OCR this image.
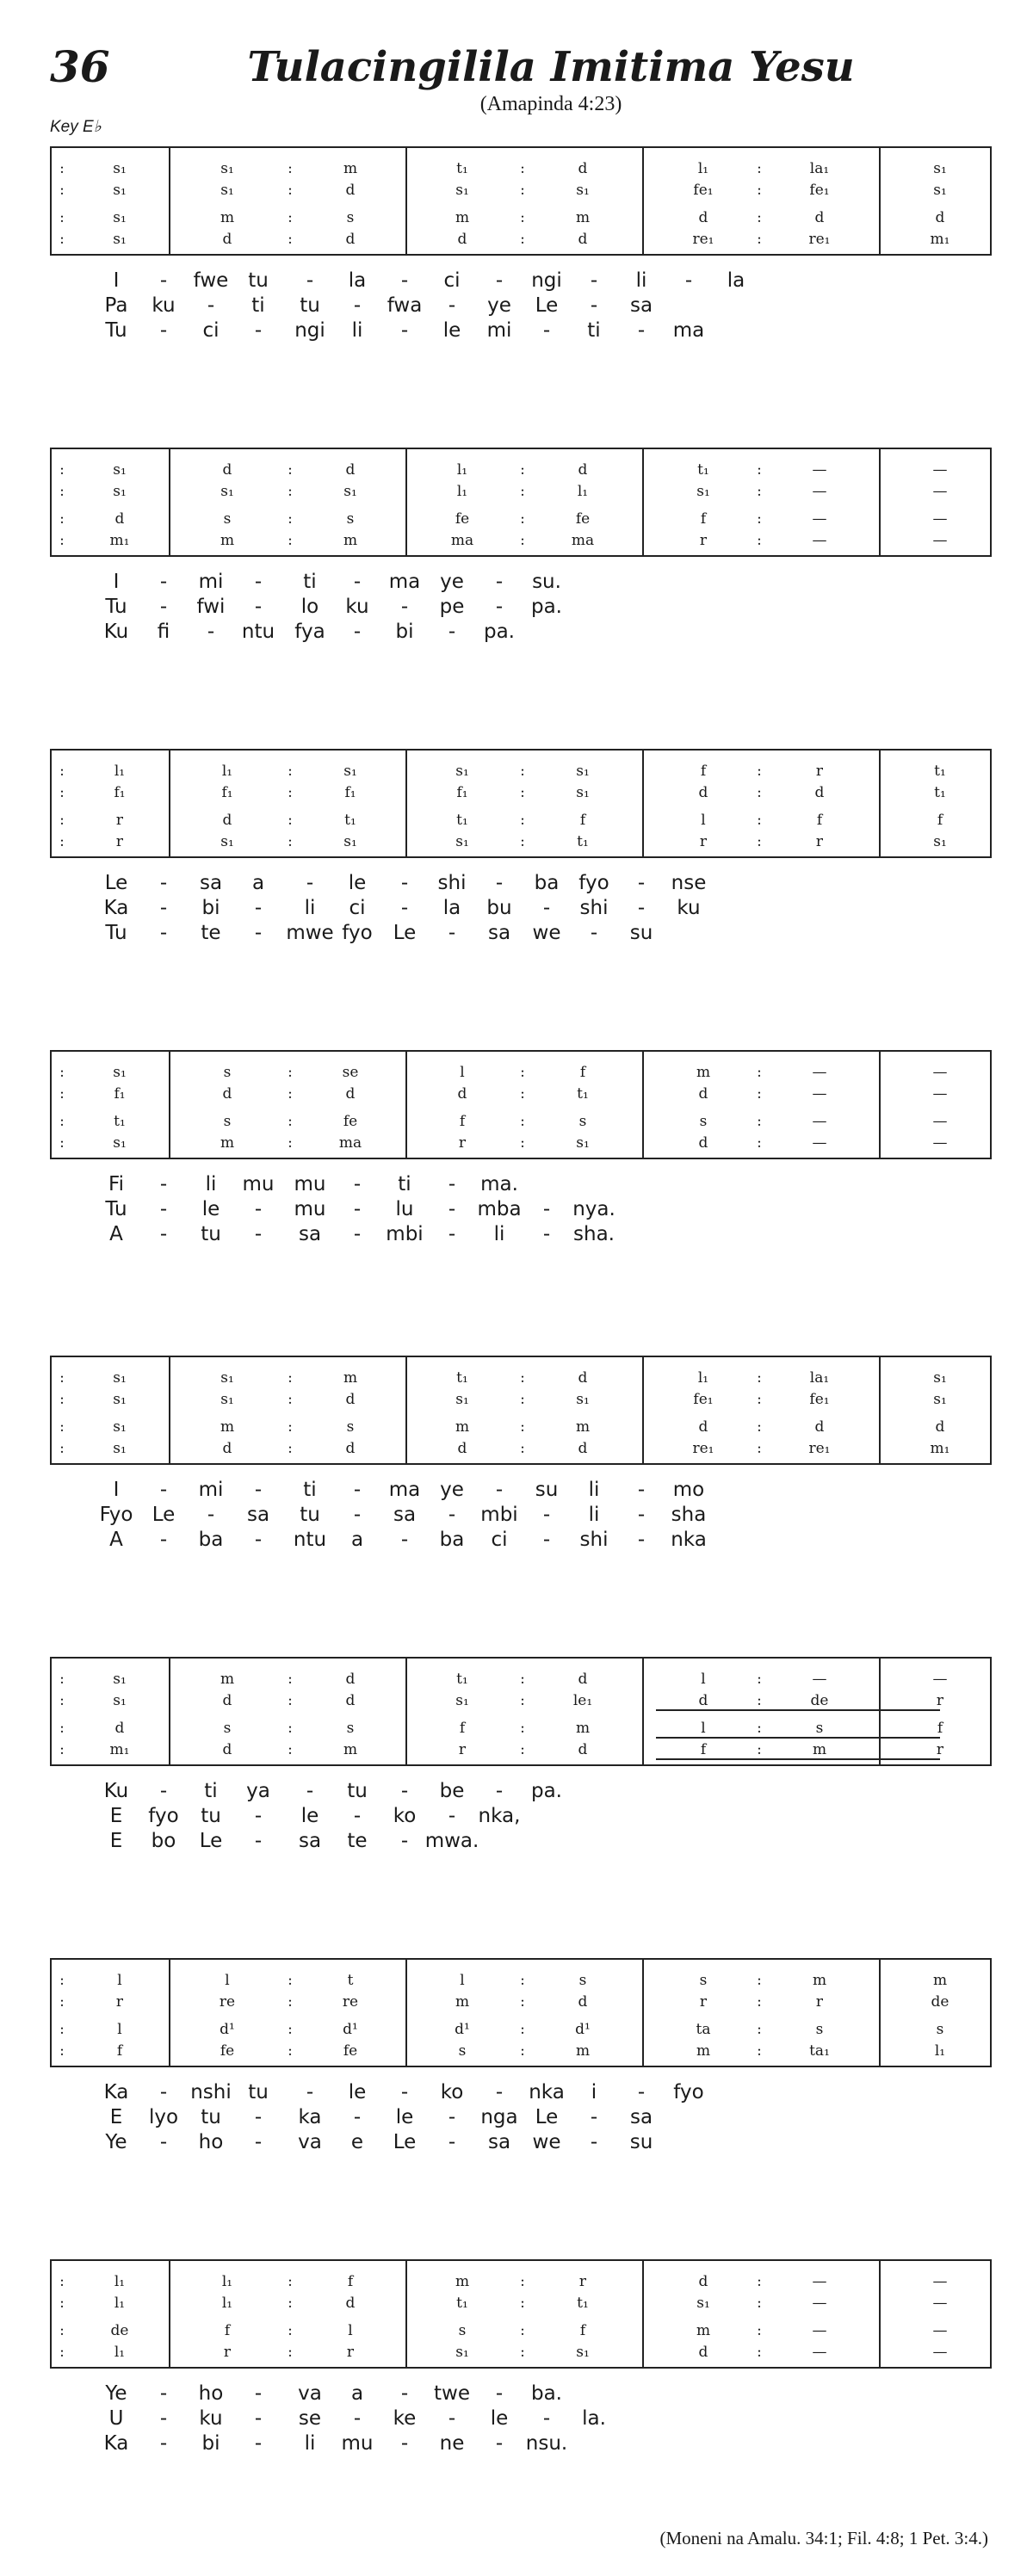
36	Tulacingilila Imitima Yesu
(Amapinda 4:23)
Key E♭
:	s₁	s₁	:	m	t₁	:	d	l₁	:	la₁	s₁
:	s₁	s₁	:	d	s₁	:	s₁	fe₁	:	fe₁	s₁
:	s₁	m	:	s	m	:	m	d	:	d	d
:	s₁	d	:	d	d	:	d	re₁	:	re₁	m₁
I - fwe tu - la - ci - ngi - li - la
Pa ku - ti tu - fwa - ye Le - sa
Tu - ci - ngi li - le mi - ti - ma
:	s₁	d	:	d	l₁	:	d	t₁	:	—	—
:	s₁	s₁	:	s₁	l₁	:	l₁	s₁	:	—	—
:	d	s	:	s	fe	:	fe	f	:	—	—
:	m₁	m	:	m	ma	:	ma	r	:	—	—
I - mi - ti - ma ye - su.
Tu - fwi - lo ku - pe - pa.
Ku fi - ntu fya - bi - pa.
:	l₁	l₁	:	s₁	s₁	:	s₁	f	:	r	t₁
:	f₁	f₁	:	f₁	f₁	:	s₁	d	:	d	t₁
:	r	d	:	t₁	t₁	:	f	l	:	f	f
:	r	s₁	:	s₁	s₁	:	t₁	r	:	r	s₁
Le - sa a - le - shi - ba fyo - nse
Ka - bi - li ci - la bu - shi - ku
Tu - te - mwe fyo Le - sa we - su
:	s₁	s	:	se	l	:	f	m	:	—	—
:	f₁	d	:	d	d	:	t₁	d	:	—	—
:	t₁	s	:	fe	f	:	s	s	:	—	—
:	s₁	m	:	ma	r	:	s₁	d	:	—	—
Fi - li mu mu - ti - ma.
Tu - le - mu - lu - mba - nya.
A - tu - sa - mbi - li - sha.
:	s₁	s₁	:	m	t₁	:	d	l₁	:	la₁	s₁
:	s₁	s₁	:	d	s₁	:	s₁	fe₁	:	fe₁	s₁
:	s₁	m	:	s	m	:	m	d	:	d	d
:	s₁	d	:	d	d	:	d	re₁	:	re₁	m₁
I - mi - ti - ma ye - su li - mo
Fyo Le - sa tu - sa - mbi - li - sha
A - ba - ntu a - ba ci - shi - nka
:	s₁	m	:	d	t₁	:	d	l	:	—	—
:	s₁	d	:	d	s₁	:	le₁	d	:	de	r
:	d	s	:	s	f	:	m	l	:	s	f
:	m₁	d	:	m	r	:	d	f	:	m	r
Ku - ti ya - tu - be - pa.
E fyo tu - le - ko - nka,
E bo Le - sa te - mwa.
:	l	l	:	t	l	:	s	s	:	m	m
:	r	re	:	re	m	:	d	r	:	r	de
:	l	d¹	:	d¹	d¹	:	d¹	ta	:	s	s
:	f	fe	:	fe	s	:	m	m	:	ta₁	l₁
Ka - nshi tu - le - ko - nka i - fyo
E lyo tu - ka - le - nga Le - sa
Ye - ho - va e Le - sa we - su
:	l₁	l₁	:	f	m	:	r	d	:	—	—
:	l₁	l₁	:	d	t₁	:	t₁	s₁	:	—	—
:	de	f	:	l	s	:	f	m	:	—	—
:	l₁	r	:	r	s₁	:	s₁	d	:	—	—
Ye - ho - va a - twe - ba.
U - ku - se - ke - le - la.
Ka - bi - li mu - ne - nsu.
(Moneni na Amalu. 34:1; Fil. 4:8; 1 Pet. 3:4.)
